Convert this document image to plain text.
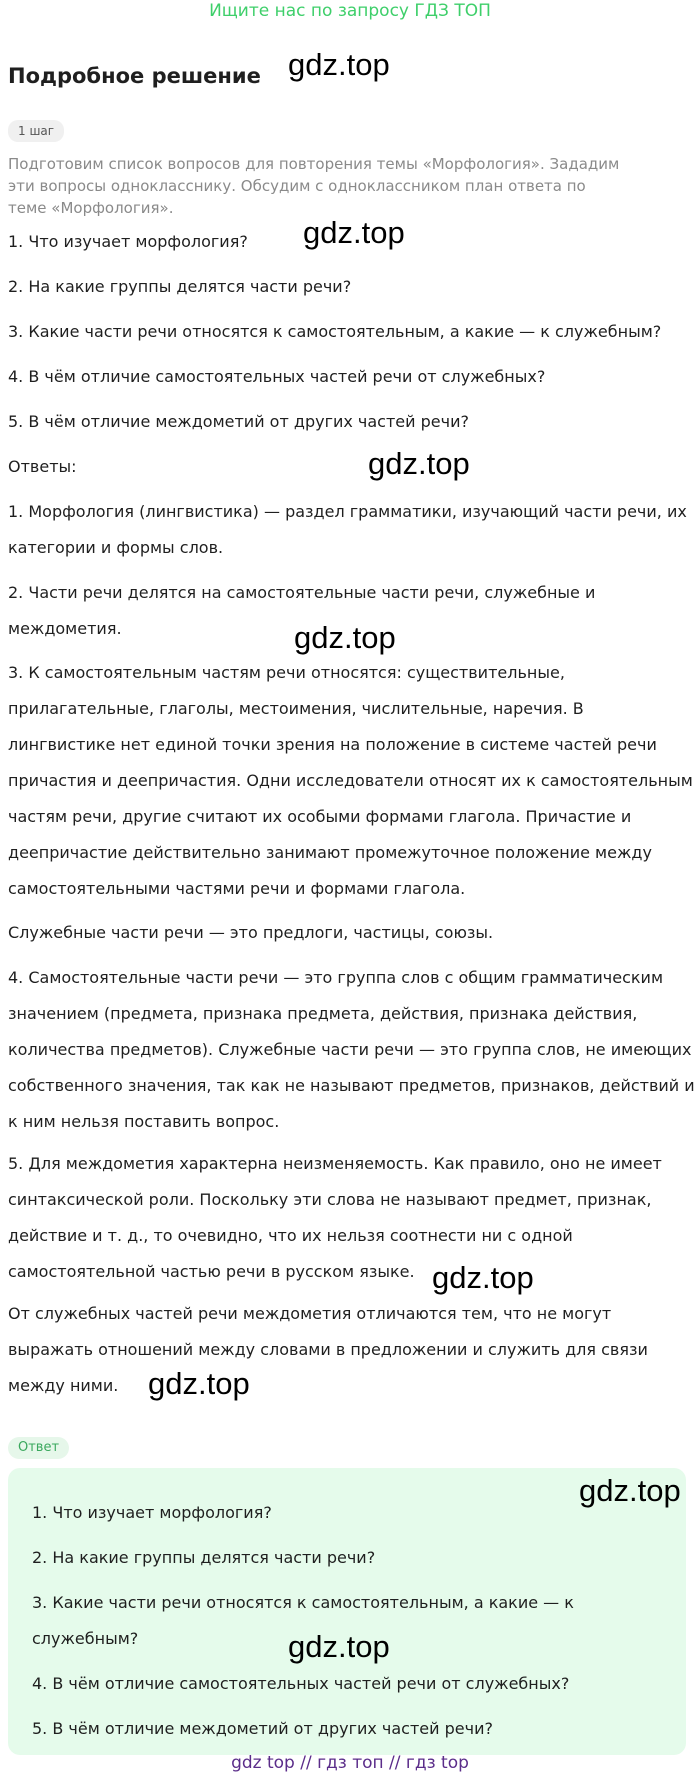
Ищите нас по запросу ГДЗ ТОП
Подробное решение gdz.top
gdz.top
gdz.top
gdz.top
gdz.top
gdz.top
1 шаг
Подготовим список вопросов для повторения темы «Морфология». Зададим эти вопросы однокласснику. Обсудим с одноклассником план ответа по теме «Морфология».
1. Что изучает морфология?
2. На какие группы делятся части речи?
3. Какие части речи относятся к самостоятельным, а какие — к служебным?
4. В чём отличие самостоятельных частей речи от служебных?
5. В чём отличие междометий от других частей речи?
Ответы:
1. Морфология (лингвистика) — раздел грамматики, изучающий части речи, их категории и формы слов.
2. Части речи делятся на самостоятельные части речи, служебные и междометия.
3. К самостоятельным частям речи относятся: существительные, прилагательные, глаголы, местоимения, числительные, наречия. В лингвистике нет единой точки зрения на положение в системе частей речи причастия и деепричастия. Одни исследователи относят их к самостоятельным частям речи, другие считают их особыми формами глагола. Причастие и деепричастие действительно занимают промежуточное положение между самостоятельными частями речи и формами глагола.
Служебные части речи — это предлоги, частицы, союзы.
4. Самостоятельные части речи — это группа слов с общим грамматическим значением (предмета, признака предмета, действия, признака действия, количества предметов). Служебные части речи — это группа слов, не имеющих собственного значения, так как не называют предметов, признаков, действий и к ним нельзя поставить вопрос.
5. Для междометия характерна неизменяемость. Как правило, оно не имеет синтаксической роли. Поскольку эти слова не называют предмет, признак, действие и т. д., то очевидно, что их нельзя соотнести ни с одной самостоятельной частью речи в русском языке.
От служебных частей речи междометия отличаются тем, что не могут выражать отношений между словами в предложении и служить для связи между ними.
Ответ
gdz.top
gdz.top
1. Что изучает морфология?
2. На какие группы делятся части речи?
3. Какие части речи относятся к самостоятельным, а какие — к служебным?
4. В чём отличие самостоятельных частей речи от служебных?
5. В чём отличие междометий от других частей речи?
gdz top // гдз топ // гдз top
